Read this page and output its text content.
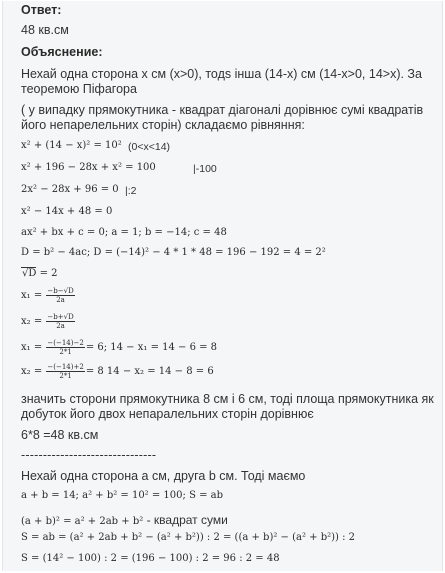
Ответ:
48 кв.см
Объяснение:
Нехай одна сторона х см (х>0), тодs інша (14-х) см (14-х>0, 14>х). За
теоремою Піфагора
( у випадку прямокутника - квадрат діагоналі дорівнює сумі квадратів
його непарелельних сторін) складаємо рівняння:
x² + (14 − x)² = 10² (0<x<14)
x² + 196 − 28x + x² = 100	|-100
2x² − 28x + 96 = 0 |:2
x² − 14x + 48 = 0
ax² + bx + c = 0; a = 1; b = −14; c = 48
D = b² − 4ac; D = (−14)² − 4 * 1 * 48 = 196 − 192 = 4 = 2²
√D = 2
$x_1 = \frac{-b-√D}{2a}$
$x_2 = \frac{-b+√D}{2a}$
$x_1 = \frac{-(-14)-2}{2*1} = 6$; 14 − x₁ = 14 − 6 = 8
$x_2 = \frac{-(-14)+2}{2*1} = 8$ 14 − x₂ = 14 − 8 = 6
значить сторони прямокутника 8 см і 6 см, тоді площа прямокутника як
добуток його двох непаралельних сторін дорівнює
6*8 =48 кв.см
-------------------------------
Нехай одна сторона а см, друга b см. Тоді маємо
a + b = 14; a² + b² = 10² = 100; S = ab
(a + b)² = a² + 2ab + b² - квадрат суми
S = ab = (a² + 2ab + b² − (a² + b²)) : 2 = ((a + b)² − (a² + b²)) : 2
S = (14² − 100) : 2 = (196 − 100) : 2 = 96 : 2 = 48
